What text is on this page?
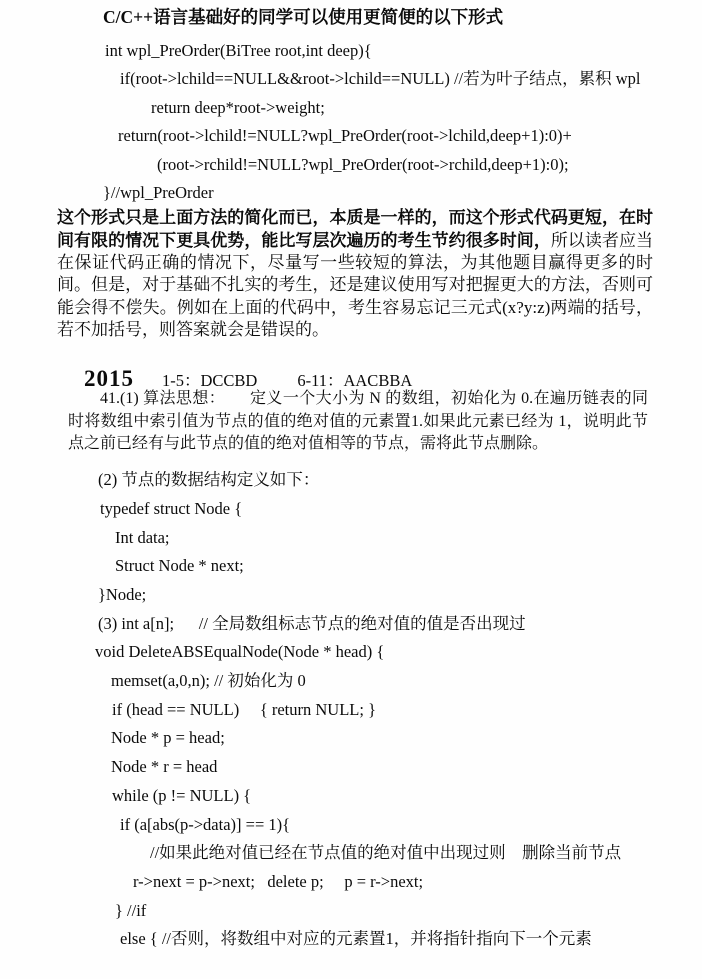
C/C++语言基础好的同学可以使用更简便的以下形式
int wpl_PreOrder(BiTree root,int deep){
if(root->lchild==NULL&&root->lchild==NULL) //若为叶子结点，累积 wpl
return deep*root->weight;
return(root->lchild!=NULL?wpl_PreOrder(root->lchild,deep+1):0)+
(root->rchild!=NULL?wpl_PreOrder(root->rchild,deep+1):0);
}//wpl_PreOrder
这个形式只是上面方法的简化而已，本质是一样的，而这个形式代码更短，在时间有限的情况下更具优势，能比写层次遍历的考生节约很多时间，所以读者应当在保证代码正确的情况下，尽量写一些较短的算法，为其他题目赢得更多的时间。但是，对于基础不扎实的考生，还是建议使用写对把握更大的方法，否则可能会得不偿失。例如在上面的代码中，考生容易忘记三元式(x?y:z)两端的括号，若不加括号，则答案就会是错误的。

2015 1-5：DCCBD 6-11：AACBBA

41.(1) 算法思想：　　定义一个大小为 N 的数组，初始化为 0.在遍历链表的同时将数组中索引值为节点的值的绝对值的元素置1.如果此元素已经为 1，说明此节点之前已经有与此节点的值的绝对值相等的节点，需将此节点删除。
(2) 节点的数据结构定义如下：
typedef struct Node {
Int data;
Struct Node * next;
}Node;
(3) int a[n];      // 全局数组标志节点的绝对值的值是否出现过
void DeleteABSEqualNode(Node * head) {
memset(a,0,n); // 初始化为 0
if (head == NULL)     { return NULL; }
Node * p = head;
Node * r = head
while (p != NULL) {
if (a[abs(p->data)] == 1){
//如果此绝对值已经在节点值的绝对值中出现过则    删除当前节点
r->next = p->next;   delete p;     p = r->next;
} //if
else { //否则，将数组中对应的元素置1，并将指针指向下一个元素
